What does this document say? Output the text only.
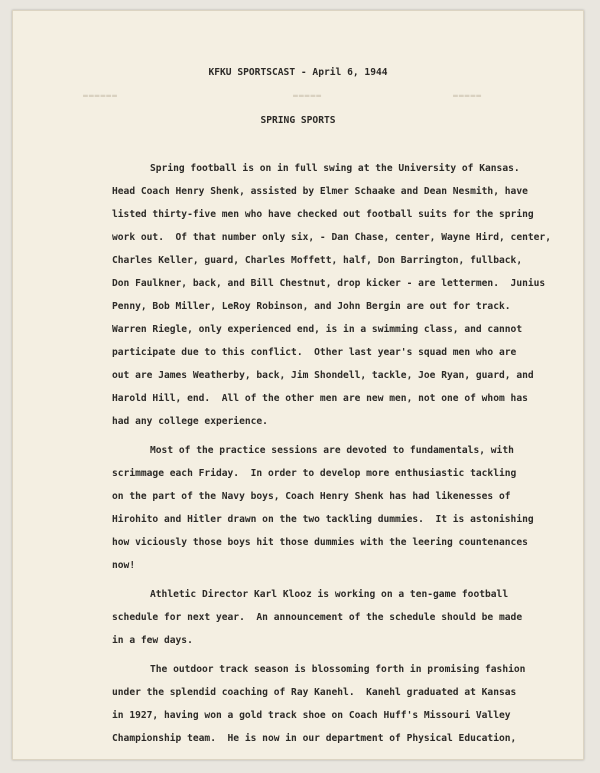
▬▬▬▬▬▬	▬▬▬▬▬	▬▬▬▬▬
KFKU SPORTSCAST - April 6, 1944
SPRING SPORTS
Spring football is on in full swing at the University of Kansas.
Head Coach Henry Shenk, assisted by Elmer Schaake and Dean Nesmith, have
listed thirty-five men who have checked out football suits for the spring
work out.  Of that number only six, - Dan Chase, center, Wayne Hird, center,
Charles Keller, guard, Charles Moffett, half, Don Barrington, fullback,
Don Faulkner, back, and Bill Chestnut, drop kicker - are lettermen.  Junius
Penny, Bob Miller, LeRoy Robinson, and John Bergin are out for track.
Warren Riegle, only experienced end, is in a swimming class, and cannot
participate due to this conflict.  Other last year's squad men who are
out are James Weatherby, back, Jim Shondell, tackle, Joe Ryan, guard, and
Harold Hill, end.  All of the other men are new men, not one of whom has
had any college experience.
Most of the practice sessions are devoted to fundamentals, with
scrimmage each Friday.  In order to develop more enthusiastic tackling
on the part of the Navy boys, Coach Henry Shenk has had likenesses of
Hirohito and Hitler drawn on the two tackling dummies.  It is astonishing
how viciously those boys hit those dummies with the leering countenances
now!
Athletic Director Karl Klooz is working on a ten-game football
schedule for next year.  An announcement of the schedule should be made
in a few days.
The outdoor track season is blossoming forth in promising fashion
under the splendid coaching of Ray Kanehl.  Kanehl graduated at Kansas
in 1927, having won a gold track shoe on Coach Huff's Missouri Valley
Championship team.  He is now in our department of Physical Education,
